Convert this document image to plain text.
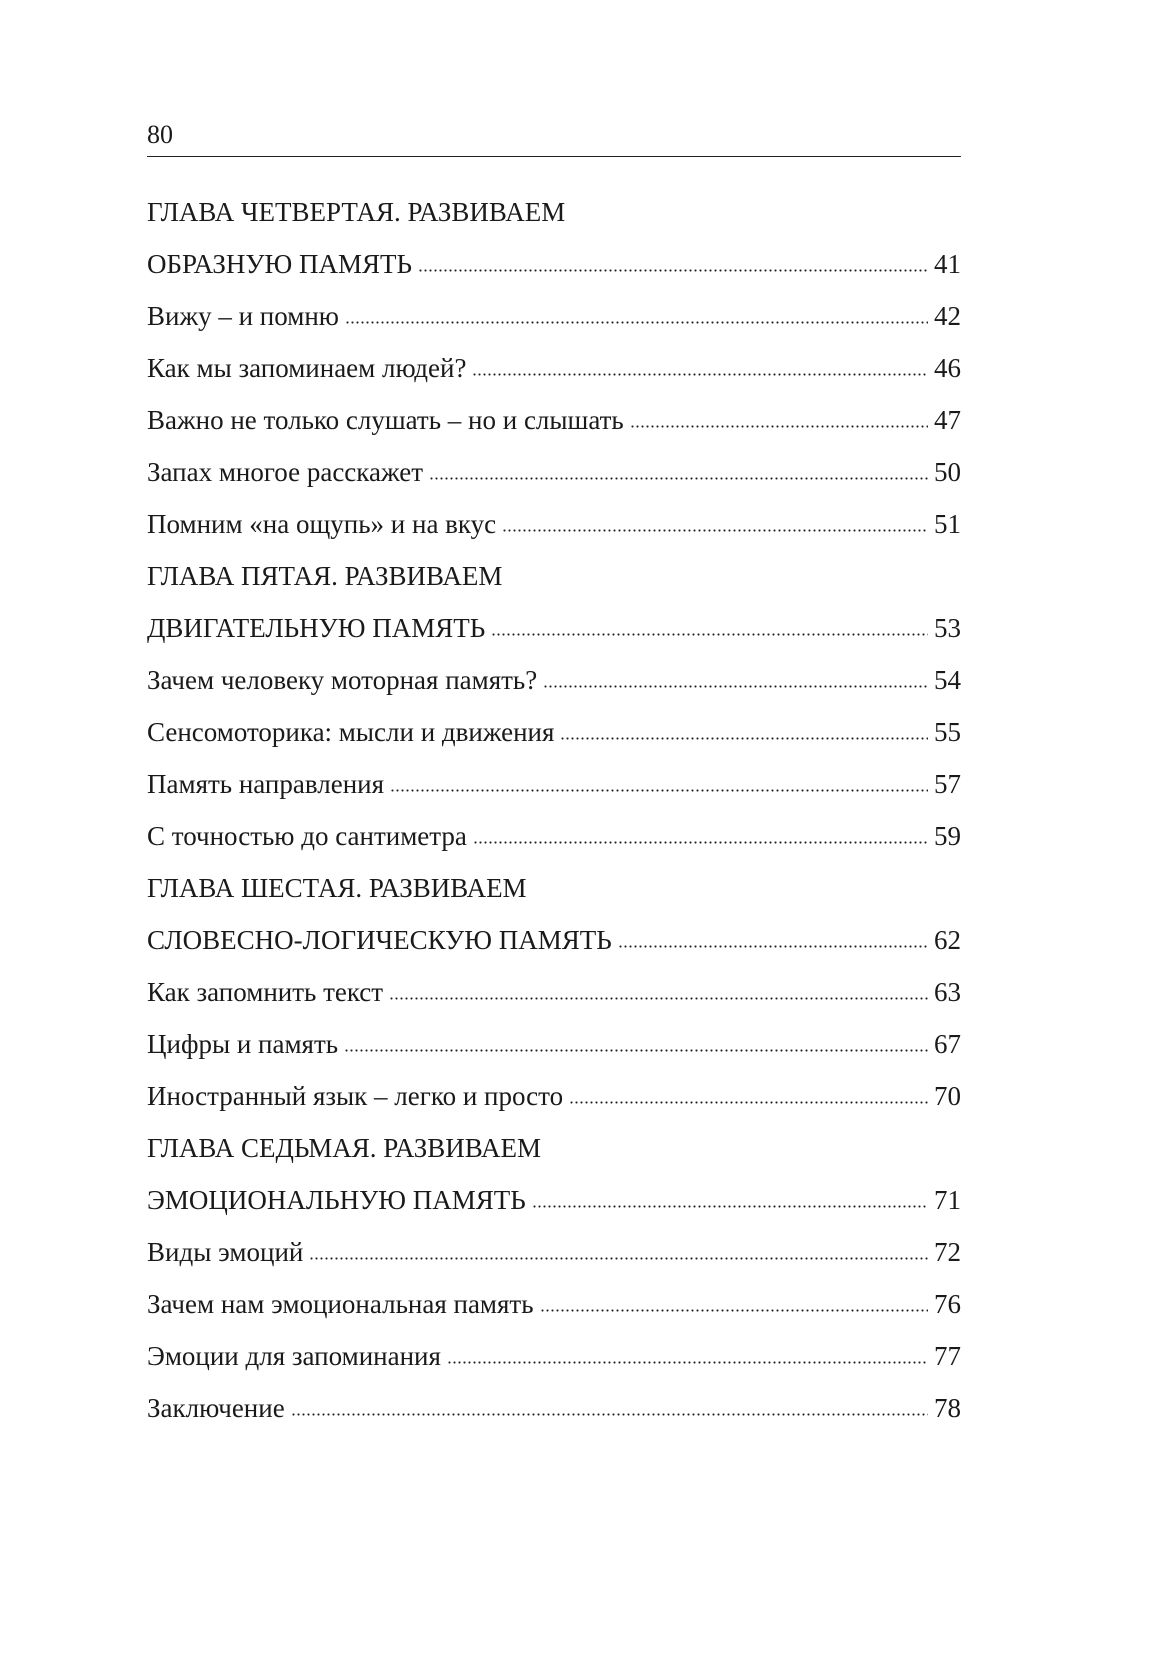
80
ГЛАВА ЧЕТВЕРТАЯ. РАЗВИВАЕМ
ОБРАЗНУЮ ПАМЯТЬ	41
Вижу – и помню	42
Как мы запоминаем людей?	46
Важно не только слушать – но и слышать	47
Запах многое расскажет	50
Помним «на ощупь» и на вкус	51
ГЛАВА ПЯТАЯ. РАЗВИВАЕМ
ДВИГАТЕЛЬНУЮ ПАМЯТЬ	53
Зачем человеку моторная память?	54
Сенсомоторика: мысли и движения	55
Память направления	57
С точностью до сантиметра	59
ГЛАВА ШЕСТАЯ. РАЗВИВАЕМ
СЛОВЕСНО-ЛОГИЧЕСКУЮ ПАМЯТЬ	62
Как запомнить текст	63
Цифры и память	67
Иностранный язык – легко и просто	70
ГЛАВА СЕДЬМАЯ. РАЗВИВАЕМ
ЭМОЦИОНАЛЬНУЮ ПАМЯТЬ	71
Виды эмоций	72
Зачем нам эмоциональная память	76
Эмоции для запоминания	77
Заключение	78
